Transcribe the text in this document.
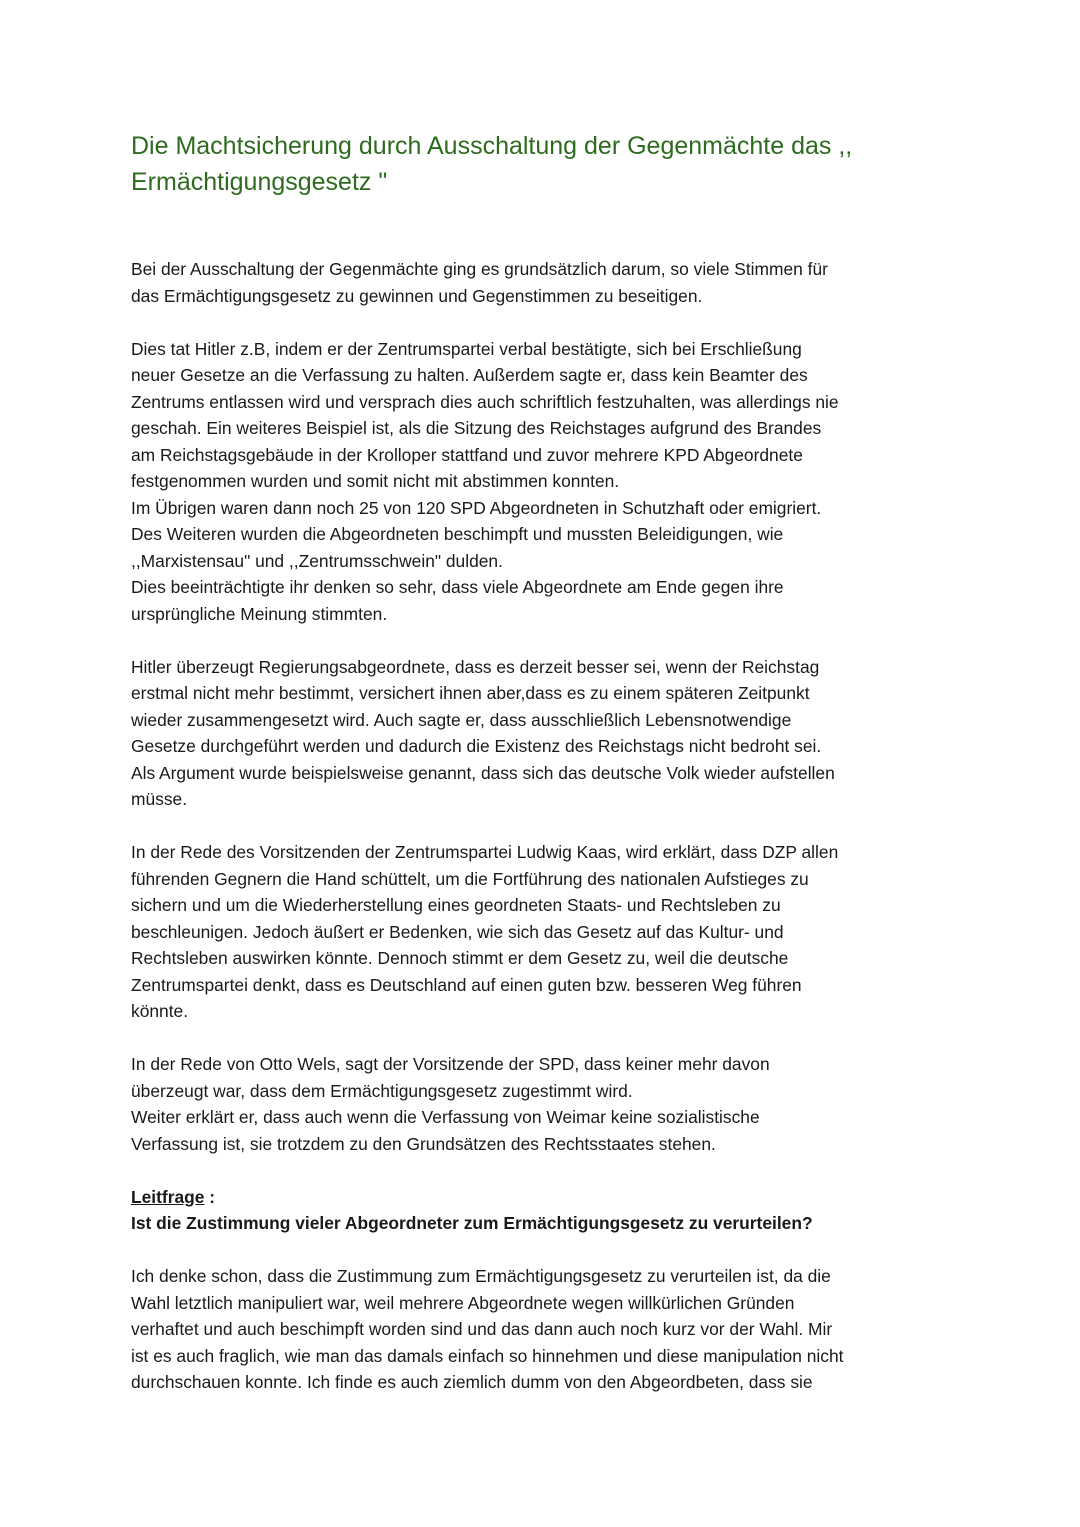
Die Machtsicherung durch Ausschaltung der Gegenmächte das ,,
Ermächtigungsgesetz "

Bei der Ausschaltung der Gegenmächte ging es grundsätzlich darum, so viele Stimmen für
das Ermächtigungsgesetz zu gewinnen und Gegenstimmen zu beseitigen.

Dies tat Hitler z.B, indem er der Zentrumspartei verbal bestätigte, sich bei Erschließung
neuer Gesetze an die Verfassung zu halten. Außerdem sagte er, dass kein Beamter des
Zentrums entlassen wird und versprach dies auch schriftlich festzuhalten, was allerdings nie
geschah. Ein weiteres Beispiel ist, als die Sitzung des Reichstages aufgrund des Brandes
am Reichstagsgebäude in der Krolloper stattfand und zuvor mehrere KPD Abgeordnete
festgenommen wurden und somit nicht mit abstimmen konnten.
Im Übrigen waren dann noch 25 von 120 SPD Abgeordneten in Schutzhaft oder emigriert.
Des Weiteren wurden die Abgeordneten beschimpft und mussten Beleidigungen, wie
,,Marxistensau" und ,,Zentrumsschwein" dulden.
Dies beeinträchtigte ihr denken so sehr, dass viele Abgeordnete am Ende gegen ihre
ursprüngliche Meinung stimmten.

Hitler überzeugt Regierungsabgeordnete, dass es derzeit besser sei, wenn der Reichstag
erstmal nicht mehr bestimmt, versichert ihnen aber,dass es zu einem späteren Zeitpunkt
wieder zusammengesetzt wird. Auch sagte er, dass ausschließlich Lebensnotwendige
Gesetze durchgeführt werden und dadurch die Existenz des Reichstags nicht bedroht sei.
Als Argument wurde beispielsweise genannt, dass sich das deutsche Volk wieder aufstellen
müsse.

In der Rede des Vorsitzenden der Zentrumspartei Ludwig Kaas, wird erklärt, dass DZP allen
führenden Gegnern die Hand schüttelt, um die Fortführung des nationalen Aufstieges zu
sichern und um die Wiederherstellung eines geordneten Staats- und Rechtsleben zu
beschleunigen. Jedoch äußert er Bedenken, wie sich das Gesetz auf das Kultur- und
Rechtsleben auswirken könnte. Dennoch stimmt er dem Gesetz zu, weil die deutsche
Zentrumspartei denkt, dass es Deutschland auf einen guten bzw. besseren Weg führen
könnte.

In der Rede von Otto Wels, sagt der Vorsitzende der SPD, dass keiner mehr davon
überzeugt war, dass dem Ermächtigungsgesetz zugestimmt wird.
Weiter erklärt er, dass auch wenn die Verfassung von Weimar keine sozialistische
Verfassung ist, sie trotzdem zu den Grundsätzen des Rechtsstaates stehen.

Leitfrage :
Ist die Zustimmung vieler Abgeordneter zum Ermächtigungsgesetz zu verurteilen?

Ich denke schon, dass die Zustimmung zum Ermächtigungsgesetz zu verurteilen ist, da die
Wahl letztlich manipuliert war, weil mehrere Abgeordnete wegen willkürlichen Gründen
verhaftet und auch beschimpft worden sind und das dann auch noch kurz vor der Wahl. Mir
ist es auch fraglich, wie man das damals einfach so hinnehmen und diese manipulation nicht
durchschauen konnte. Ich finde es auch ziemlich dumm von den Abgeordbeten, dass sie
